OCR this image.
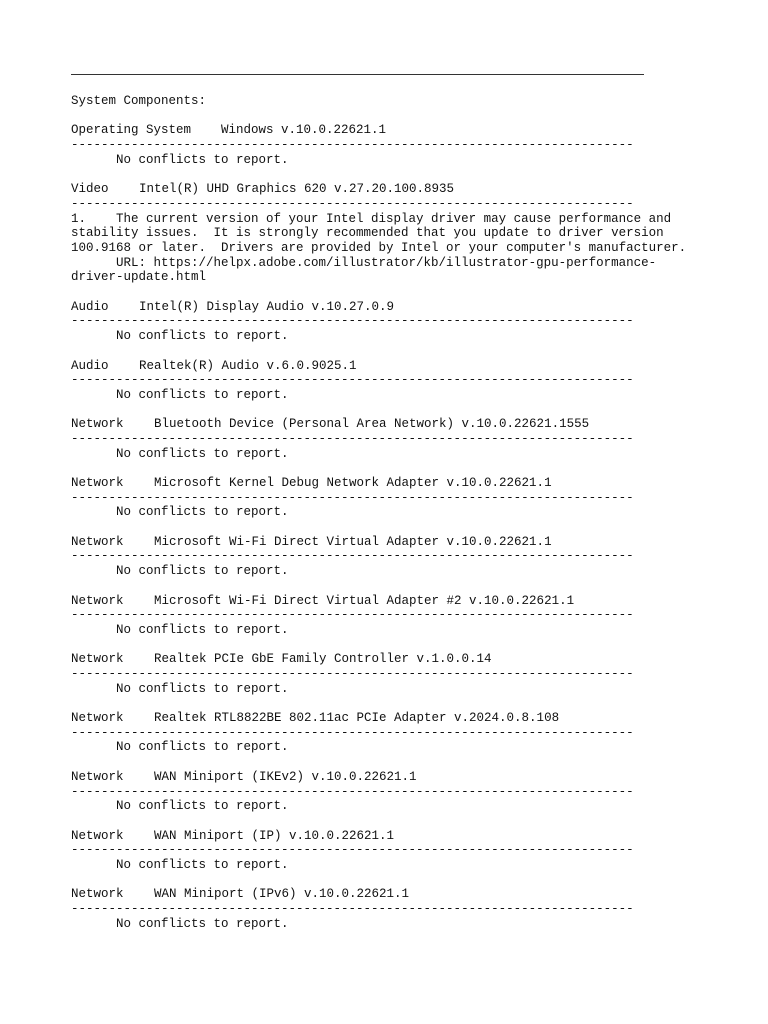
System Components:
Operating System	Windows v.10.0.22621.1
---------------------------------------------------------------------------
No conflicts to report.
Video	Intel(R) UHD Graphics 620 v.27.20.100.8935
---------------------------------------------------------------------------
1.    The current version of your Intel display driver may cause performance and
stability issues.  It is strongly recommended that you update to driver version
100.9168 or later.  Drivers are provided by Intel or your computer's manufacturer.
URL: https://helpx.adobe.com/illustrator/kb/illustrator-gpu-performance-
driver-update.html
Audio	Intel(R) Display Audio v.10.27.0.9
---------------------------------------------------------------------------
No conflicts to report.
Audio	Realtek(R) Audio v.6.0.9025.1
---------------------------------------------------------------------------
No conflicts to report.
Network	Bluetooth Device (Personal Area Network) v.10.0.22621.1555
---------------------------------------------------------------------------
No conflicts to report.
Network	Microsoft Kernel Debug Network Adapter v.10.0.22621.1
---------------------------------------------------------------------------
No conflicts to report.
Network	Microsoft Wi-Fi Direct Virtual Adapter v.10.0.22621.1
---------------------------------------------------------------------------
No conflicts to report.
Network	Microsoft Wi-Fi Direct Virtual Adapter #2 v.10.0.22621.1
---------------------------------------------------------------------------
No conflicts to report.
Network	Realtek PCIe GbE Family Controller v.1.0.0.14
---------------------------------------------------------------------------
No conflicts to report.
Network	Realtek RTL8822BE 802.11ac PCIe Adapter v.2024.0.8.108
---------------------------------------------------------------------------
No conflicts to report.
Network	WAN Miniport (IKEv2) v.10.0.22621.1
---------------------------------------------------------------------------
No conflicts to report.
Network	WAN Miniport (IP) v.10.0.22621.1
---------------------------------------------------------------------------
No conflicts to report.
Network	WAN Miniport (IPv6) v.10.0.22621.1
---------------------------------------------------------------------------
No conflicts to report.
